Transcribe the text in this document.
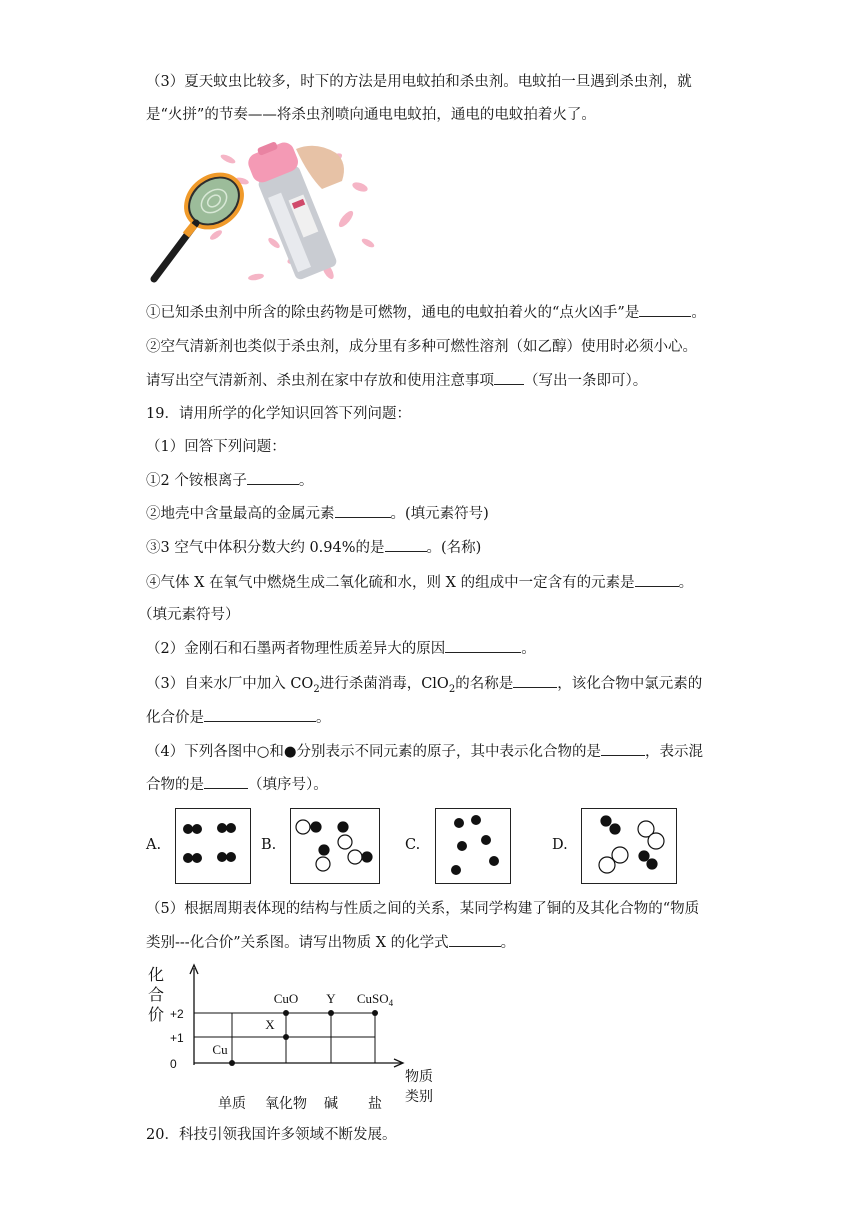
（3）夏天蚊虫比较多，时下的方法是用电蚊拍和杀虫剂。电蚊拍一旦遇到杀虫剂，就
是“火拼”的节奏——将杀虫剂喷向通电电蚊拍，通电的电蚊拍着火了。
①已知杀虫剂中所含的除虫药物是可燃物，通电的电蚊拍着火的“点火凶手”是	。
②空气清新剂也类似于杀虫剂，成分里有多种可燃性溶剂（如乙醇）使用时必须小心。
请写出空气清新剂、杀虫剂在家中存放和使用注意事项 （写出一条即可）。
19．请用所学的化学知识回答下列问题：
（1）回答下列问题：
①2 个铵根离子	。
②地壳中含量最高的金属元素	。(填元素符号)
③3 空气中体积分数大约 0.94%的是	。(名称)
④气体 X 在氧气中燃烧生成二氧化硫和水，则 X 的组成中一定含有的元素是	。
（填元素符号）
（2）金刚石和石墨两者物理性质差异大的原因	。
（3）自来水厂中加入 $CO_2$进行杀菌消毒，ClO$_2$的名称是	，该化合物中氯元素的
化合价是	。
（4）下列各图中○和●分别表示不同元素的原子，其中表示化合物的是	，表示混
合物的是	（填序号）。
A.	B.	C.	D.
（5）根据周期表体现的结构与性质之间的关系，某同学构建了铜的及其化合物的“物质
类别---化合价”关系图。请写出物质 X 的化学式	。
化
合
价 +2
+1
0
单质 氧化物 碱 盐
物质
类别
Cu
X
CuO Y CuSO$_4$
20．科技引领我国许多领域不断发展。
